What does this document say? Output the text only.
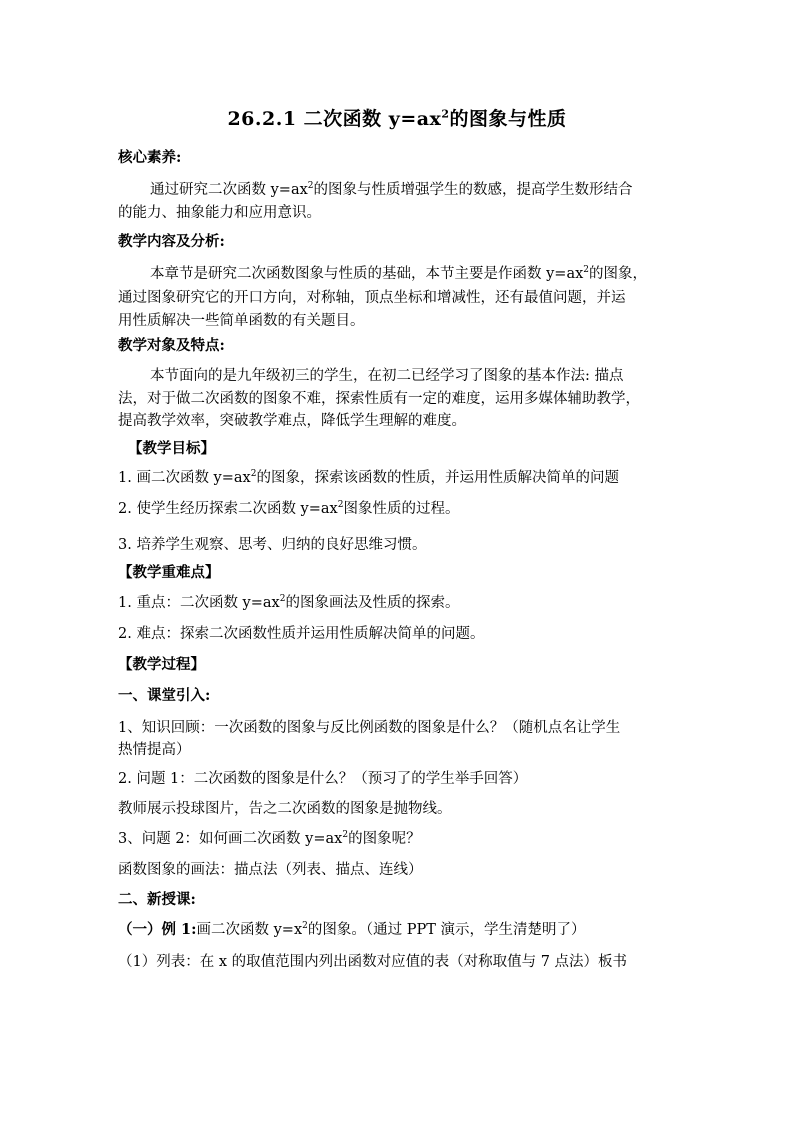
26.2.1 二次函数 $y=ax^2$的图象与性质
核心素养:
通过研究二次函数 $y=ax^2$的图象与性质增强学生的数感，提高学生数形结合
的能力、抽象能力和应用意识。
教学内容及分析:
本章节是研究二次函数图象与性质的基础，本节主要是作函数 $y=ax^2$的图象，
通过图象研究它的开口方向，对称轴，顶点坐标和增减性，还有最值问题，并运
用性质解决一些简单函数的有关题目。
教学对象及特点:
本节面向的是九年级初三的学生，在初二已经学习了图象的基本作法: 描点
法，对于做二次函数的图象不难，探索性质有一定的难度，运用多媒体辅助教学，
提高教学效率，突破教学难点，降低学生理解的难度。
【教学目标】
1. 画二次函数 $y=ax^2$的图象，探索该函数的性质，并运用性质解决简单的问题
2. 使学生经历探索二次函数 $y=ax^2$图象性质的过程。
3. 培养学生观察、思考、归纳的良好思维习惯。
【教学重难点】
1. 重点：二次函数 $y=ax^2$的图象画法及性质的探索。
2. 难点：探索二次函数性质并运用性质解决简单的问题。
【教学过程】
一、课堂引入:
1、知识回顾：一次函数的图象与反比例函数的图象是什么？（随机点名让学生
热情提高）
2. 问题 1：二次函数的图象是什么？（预习了的学生举手回答）
教师展示投球图片，告之二次函数的图象是抛物线。
3、问题 2：如何画二次函数 $y=ax^2$的图象呢？
函数图象的画法：描点法（列表、描点、连线）
二、新授课:
（一）例 1:画二次函数 $y=x^2$的图象。（通过 PPT 演示，学生清楚明了）
（1）列表：在 x 的取值范围内列出函数对应值的表（对称取值与 7 点法）板书
